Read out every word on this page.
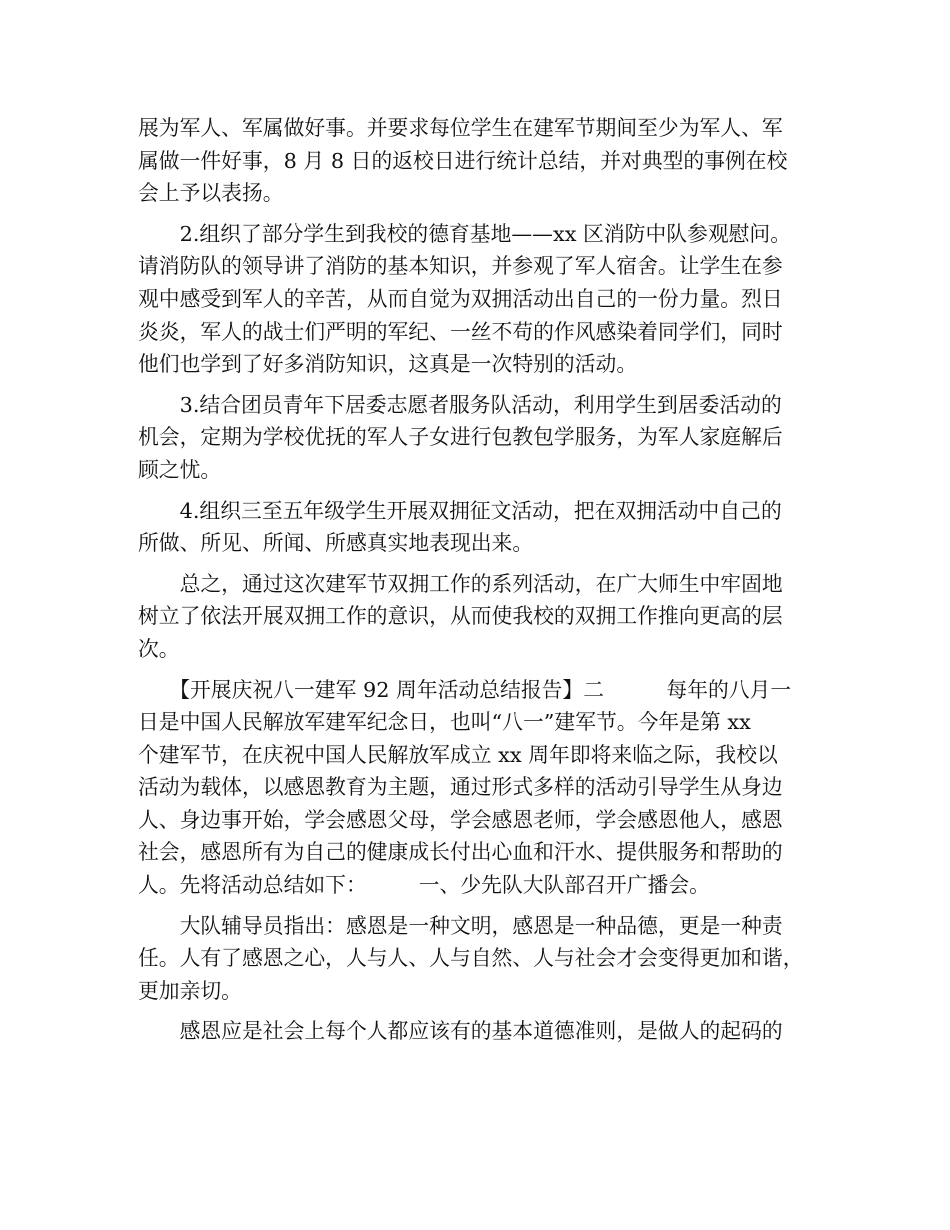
展为军人、军属做好事。并要求每位学生在建军节期间至少为军人、军
属做一件好事，8 月 8 日的返校日进行统计总结，并对典型的事例在校
会上予以表扬。
　　2.组织了部分学生到我校的德育基地——xx 区消防中队参观慰问。
请消防队的领导讲了消防的基本知识，并参观了军人宿舍。让学生在参
观中感受到军人的辛苦，从而自觉为双拥活动出自己的一份力量。烈日
炎炎，军人的战士们严明的军纪、一丝不苟的作风感染着同学们，同时
他们也学到了好多消防知识，这真是一次特别的活动。
　　3.结合团员青年下居委志愿者服务队活动，利用学生到居委活动的
机会，定期为学校优抚的军人子女进行包教包学服务，为军人家庭解后
顾之忧。
　　4.组织三至五年级学生开展双拥征文活动，把在双拥活动中自己的
所做、所见、所闻、所感真实地表现出来。
　　总之，通过这次建军节双拥工作的系列活动，在广大师生中牢固地
树立了依法开展双拥工作的意识，从而使我校的双拥工作推向更高的层
次。
　　【开展庆祝八一建军 92 周年活动总结报告】二　　　每年的八月一
日是中国人民解放军建军纪念日，也叫“八一”建军节。今年是第 xx
个建军节，在庆祝中国人民解放军成立 xx 周年即将来临之际，我校以
活动为载体，以感恩教育为主题，通过形式多样的活动引导学生从身边
人、身边事开始，学会感恩父母，学会感恩老师，学会感恩他人，感恩
社会，感恩所有为自己的健康成长付出心血和汗水、提供服务和帮助的
人。先将活动总结如下：　　　一、少先队大队部召开广播会。
　　大队辅导员指出：感恩是一种文明，感恩是一种品德，更是一种责
任。人有了感恩之心，人与人、人与自然、人与社会才会变得更加和谐，
更加亲切。
　　感恩应是社会上每个人都应该有的基本道德准则，是做人的起码的
